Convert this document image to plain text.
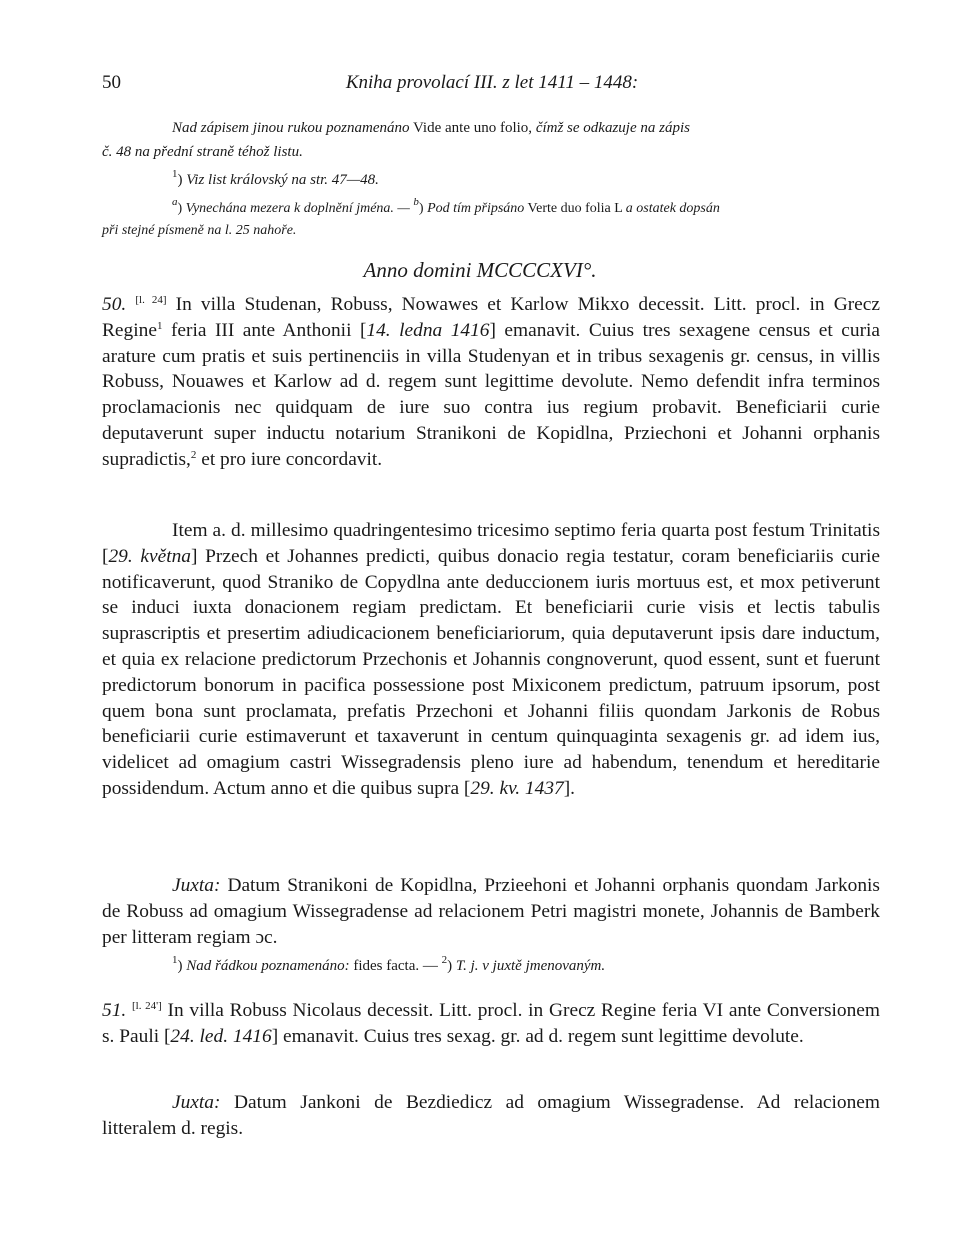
50	Kniha provolací III. z let 1411 – 1448:
Nad zápisem jinou rukou poznamenáno Vide ante uno folio, čímž se odkazuje na zápis
č. 48 na přední straně téhož listu.
$^1$) Viz list královský na str. 47—48.
$^a$) Vynechána mezera k doplnění jména. — $^b$) Pod tím připsáno Verte duo folia L a ostatek dopsán
při stejné písmeně na l. 25 nahoře.
Anno domini MCCCCXVI°.
50. [l. 24] In villa Studenan, Robuss, Nowawes et Karlow Mikxo decessit. Litt. procl. in Grecz Regine$^1$ feria III ante Anthonii [14. ledna 1416] emanavit. Cuius tres sexagene census et curia arature cum pratis et suis pertinenciis in villa Studenyan et in tribus sexagenis gr. census, in villis Robuss, Nouawes et Karlow ad d. regem sunt legittime devolute. Nemo defendit infra terminos proclamacionis nec quidquam de iure suo contra ius regium probavit. Beneficiarii curie deputaverunt super inductu notarium Stranikoni de Kopidlna, Prziechoni et Johanni orphanis supradictis,$^2$ et pro iure concordavit.
Item a. d. millesimo quadringentesimo tricesimo septimo feria quarta post festum Trinitatis [29. května] Przech et Johannes predicti, quibus donacio regia testatur, coram beneficiariis curie notificaverunt, quod Straniko de Copydlna ante deduccionem iuris mortuus est, et mox petiverunt se induci iuxta donacionem regiam predictam. Et beneficiarii curie visis et lectis tabulis suprascriptis et presertim adiudicacionem beneficiariorum, quia deputaverunt ipsis dare inductum, et quia ex relacione predictorum Przechonis et Johannis congnoverunt, quod essent, sunt et fuerunt predictorum bonorum in pacifica possessione post Mixiconem predictum, patruum ipsorum, post quem bona sunt proclamata, prefatis Przechoni et Johanni filiis quondam Jarkonis de Robus beneficiarii curie estimaverunt et taxaverunt in centum quinquaginta sexagenis gr. ad idem ius, videlicet ad omagium castri Wissegradensis pleno iure ad habendum, tenendum et hereditarie possidendum. Actum anno et die quibus supra [29. kv. 1437].
Juxta: Datum Stranikoni de Kopidlna, Przieehoni et Johanni orphanis quondam Jarkonis de Robuss ad omagium Wissegradense ad relacionem Petri magistri monete, Johannis de Bamberk per litteram regiam ɔc.
$^1$) Nad řádkou poznamenáno: fides facta. — $^2$) T. j. v juxtě jmenovaným.
51. [l. 24'] In villa Robuss Nicolaus decessit. Litt. procl. in Grecz Regine feria VI ante Conversionem s. Pauli [24. led. 1416] emanavit. Cuius tres sexag. gr. ad d. regem sunt legittime devolute.
Juxta: Datum Jankoni de Bezdiedicz ad omagium Wissegradense. Ad relacionem litteralem d. regis.
